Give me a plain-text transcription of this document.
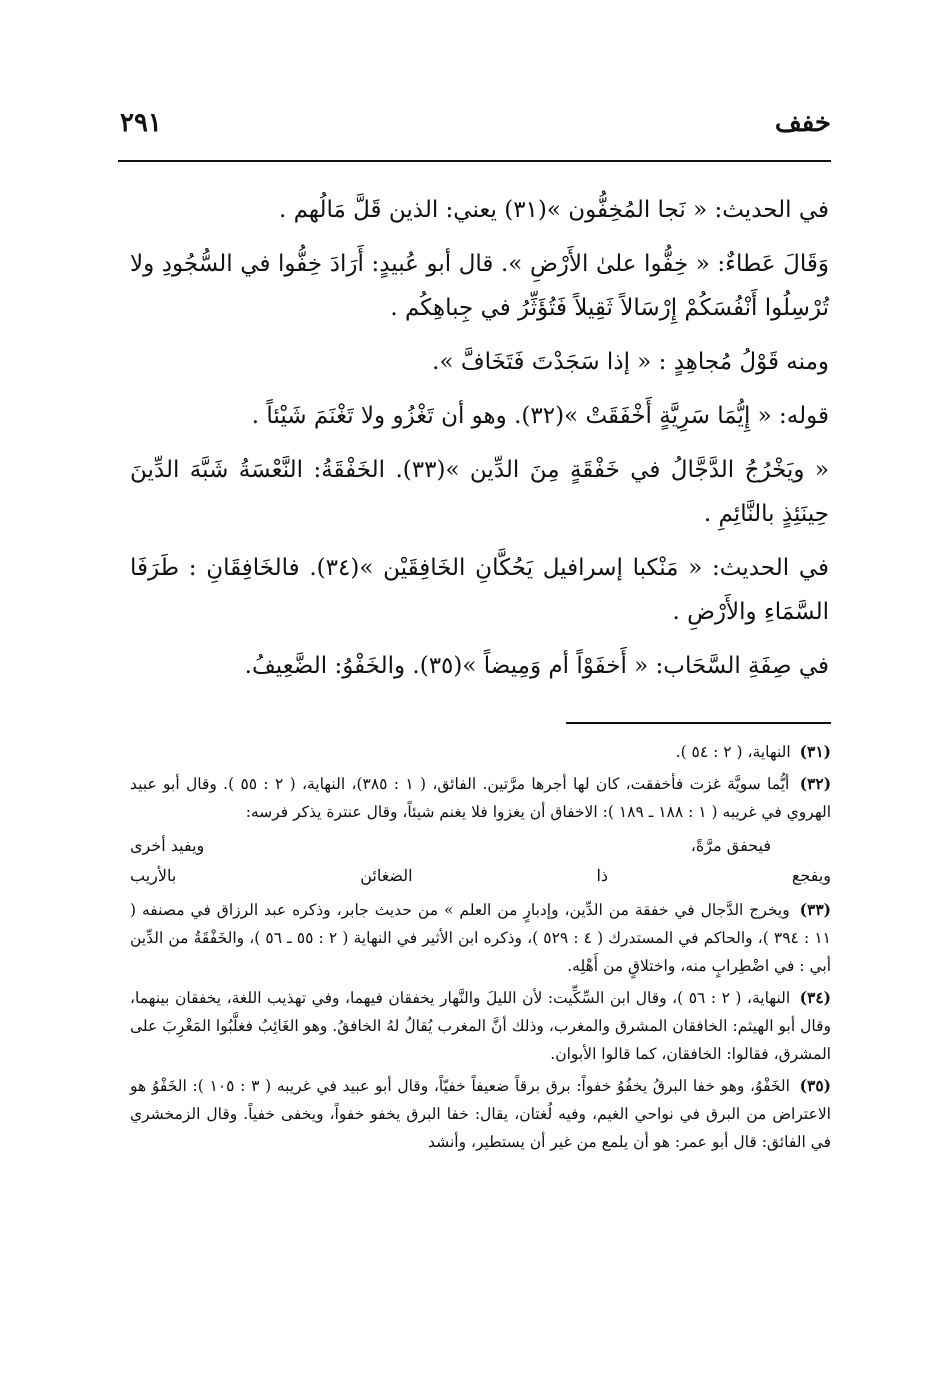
خفف
٢٩١

في الحديث: « نَجا المُخِفُّون »(٣١) يعني: الذين قَلَّ مَالُهم .

وَقَالَ عَطاءٌ: « خِفُّوا علىٰ الأَرْضِ ». قال أبو عُبيدٍ: أَرَادَ خِفُّوا في السُّجُودِ ولا تُرْسِلُوا أَنْفُسَكُمْ إِرْسَالاً ثَقِيلاً فَتُؤَثِّرُ في جِباهِكُم .

ومنه قَوْلُ مُجاهِدٍ : « إذا سَجَدْتَ فَتَخَافَّ ».

قوله: « إِيُّمَا سَرِيَّةٍ أَخْفَقَتْ »(٣٢). وهو أن تَغْزُو ولا تَغْنَمَ شَيْئاً .

« ويَخْرُجُ الدَّجَّالُ في خَفْقَةٍ مِنَ الدِّين »(٣٣). الخَفْقَةُ: النَّعْسَةُ شَبَّهَ الدِّينَ حِينَئِذٍ بالنَّائِمِ .

في الحديث: « مَنْكبا إسرافيل يَحُكَّانِ الخَافِقَيْن »(٣٤). فالخَافِقَانِ : طَرَفَا السَّمَاءِ والأَرْضِ .

في صِفَةِ السَّحَاب: « أَخفَوْاً أم وَمِيضاً »(٣٥). والخَفْوُ: الضَّعِيفُ.

(٣١) النهاية، ( ٢ : ٥٤ ).
(٣٢) أيُّما سويَّة غزت فأخفقت، كان لها أجرها مرَّتين. الفائق، ( ١ : ٣٨٥)، النهاية، ( ٢ : ٥٥ ). وقال أبو عبيد الهروي في غريبه ( ١ : ١٨٨ ـ ١٨٩ ): الاخفاق أن يغزوا فلا يغنم شيئاً، وقال عنترة يذكر فرسه:
فيحفق مرَّةً،
ويفيد أخرى
ويفجع
ذا
الضغائن
بالأريب
(٣٣) ويخرج الدَّجال في خفقة من الدِّين، وإدبارٍ من العلم » من حديث جابر، وذكره عبد الرزاق في مصنفه ( ١١ : ٣٩٤ )، والحاكم في المستدرك ( ٤ : ٥٢٩ )، وذكره ابن الأثير في النهاية ( ٢ : ٥٥ ـ ٥٦ )، والخَفْقَةُ من الدِّين أبي : في اضْطِرابٍ منه، واختلاقٍ من أَهْلِه.
(٣٤) النهاية، ( ٢ : ٥٦ )، وقال ابن السِّكِّيت: لأن الليلَ والنَّهار يخفقان فيهما، وفي تهذيب اللغة، يخفقان بينهما، وقال أبو الهيثم: الخافقان المشرق والمغرب، وذلك أنَّ المغرب يُقالُ لهُ الخافقُ. وهو الغَائِبُ فغلَّبُوا المَغْرِبَ على المشرق، فقالوا: الخافقان، كما قالوا الأبوان.
(٣٥) الخَفْوُ، وهو خفا البرقُ يخفُوُ خفواً: برق برقاً ضعيفاً خفيّاً، وقال أبو عبيد في غريبه ( ٣ : ١٠٥ ): الخَفْوُ هو الاعتراض من البرق في نواحي الغيم، وفيه لُغتان، يقال: خفا البرق يخفو خفواً، ويخفى خفياً. وقال الزمخشري في الفائق: قال أبو عمر: هو أن يلمع من غير أن يستطير، وأنشد
